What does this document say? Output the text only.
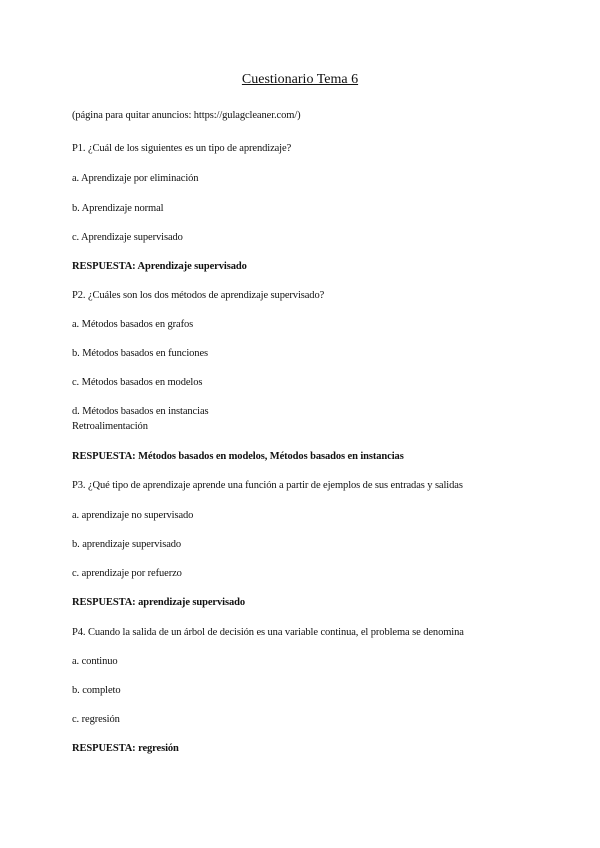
Cuestionario Tema 6
(página para quitar anuncios: https://gulagcleaner.com/)
P1. ¿Cuál de los siguientes es un tipo de aprendizaje?
a. Aprendizaje por eliminación
b. Aprendizaje normal
c. Aprendizaje supervisado
RESPUESTA: Aprendizaje supervisado
P2. ¿Cuáles son los dos métodos de aprendizaje supervisado?
a. Métodos basados en grafos
b. Métodos basados en funciones
c. Métodos basados en modelos
d. Métodos basados en instancias
Retroalimentación
RESPUESTA: Métodos basados en modelos, Métodos basados en instancias
P3. ¿Qué tipo de aprendizaje aprende una función a partir de ejemplos de sus entradas y salidas
a. aprendizaje no supervisado
b. aprendizaje supervisado
c. aprendizaje por refuerzo
RESPUESTA: aprendizaje supervisado
P4. Cuando la salida de un árbol de decisión es una variable continua, el problema se denomina
a. continuo
b. completo
c. regresión
RESPUESTA: regresión
